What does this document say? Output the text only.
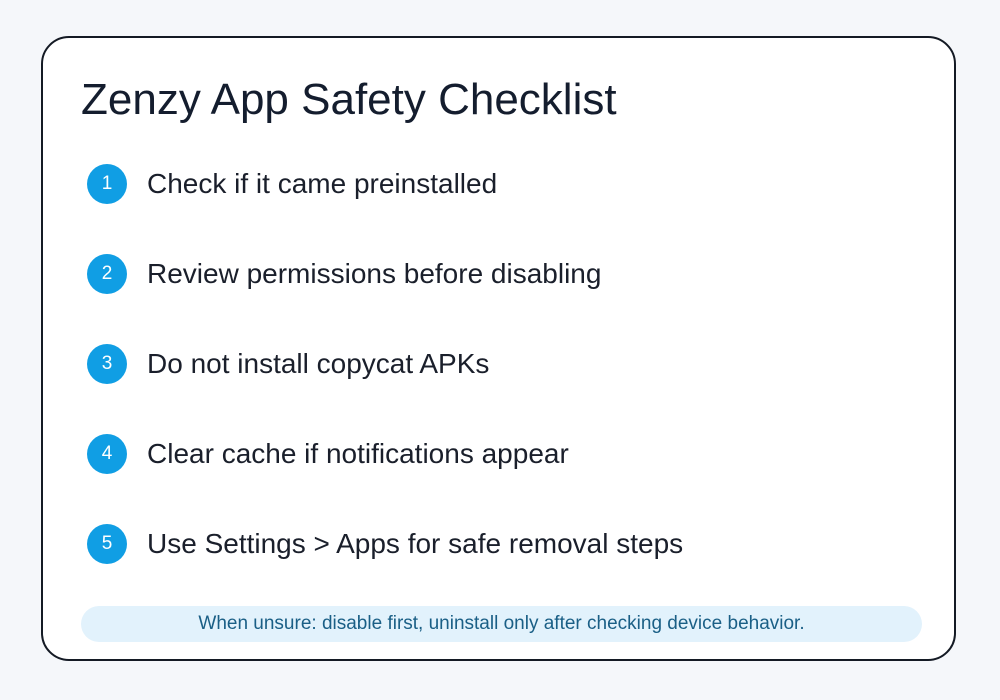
Zenzy App Safety Checklist
1	Check if it came preinstalled
2	Review permissions before disabling
3	Do not install copycat APKs
4	Clear cache if notifications appear
5	Use Settings > Apps for safe removal steps
When unsure: disable first, uninstall only after checking device behavior.
